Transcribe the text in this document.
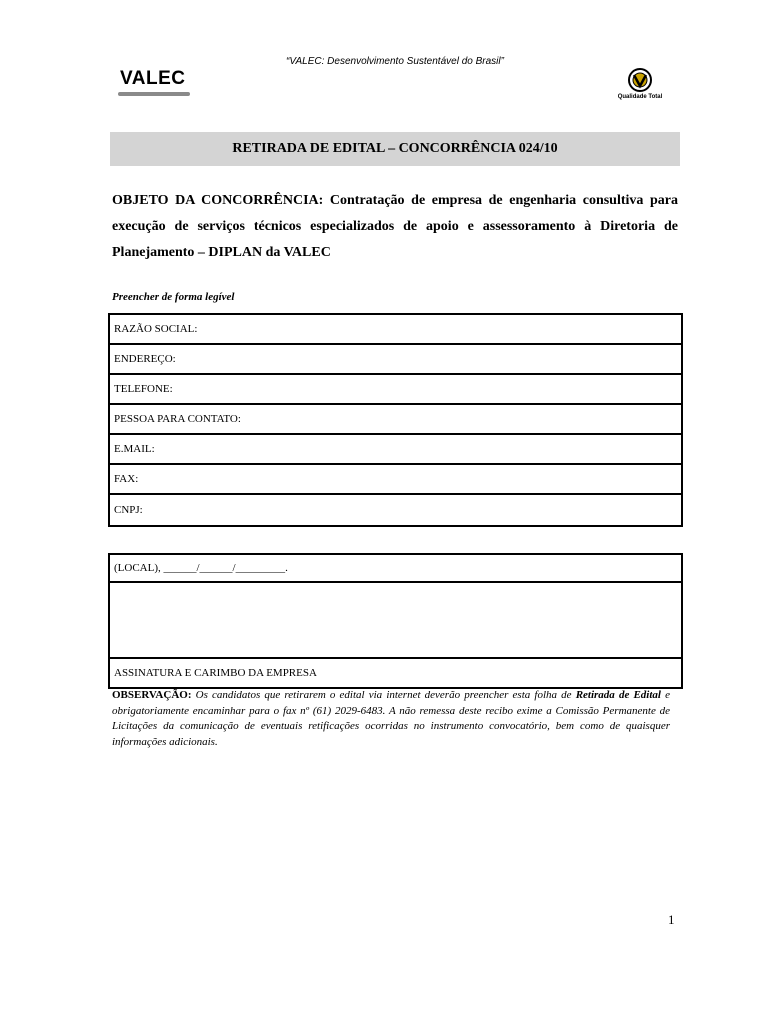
“VALEC: Desenvolvimento Sustentável do Brasil”
VALEC
Qualidade Total
RETIRADA DE EDITAL – CONCORRÊNCIA 024/10
OBJETO DA CONCORRÊNCIA: Contratação de empresa de engenharia consultiva para execução de serviços técnicos especializados de apoio e assessoramento à Diretoria de Planejamento – DIPLAN da VALEC
Preencher de forma legível
RAZÃO SOCIAL:
ENDEREÇO:
TELEFONE:
PESSOA PARA CONTATO:
E.MAIL:
FAX:
CNPJ:
(LOCAL), ______/______/_________.
ASSINATURA E CARIMBO DA EMPRESA
OBSERVAÇÃO: Os candidatos que retirarem o edital via internet deverão preencher esta folha de Retirada de Edital e obrigatoriamente encaminhar para o fax nº (61) 2029-6483. A não remessa deste recibo exime a Comissão Permanente de Licitações da comunicação de eventuais retificações ocorridas no instrumento convocatório, bem como de quaisquer informações adicionais.
1
